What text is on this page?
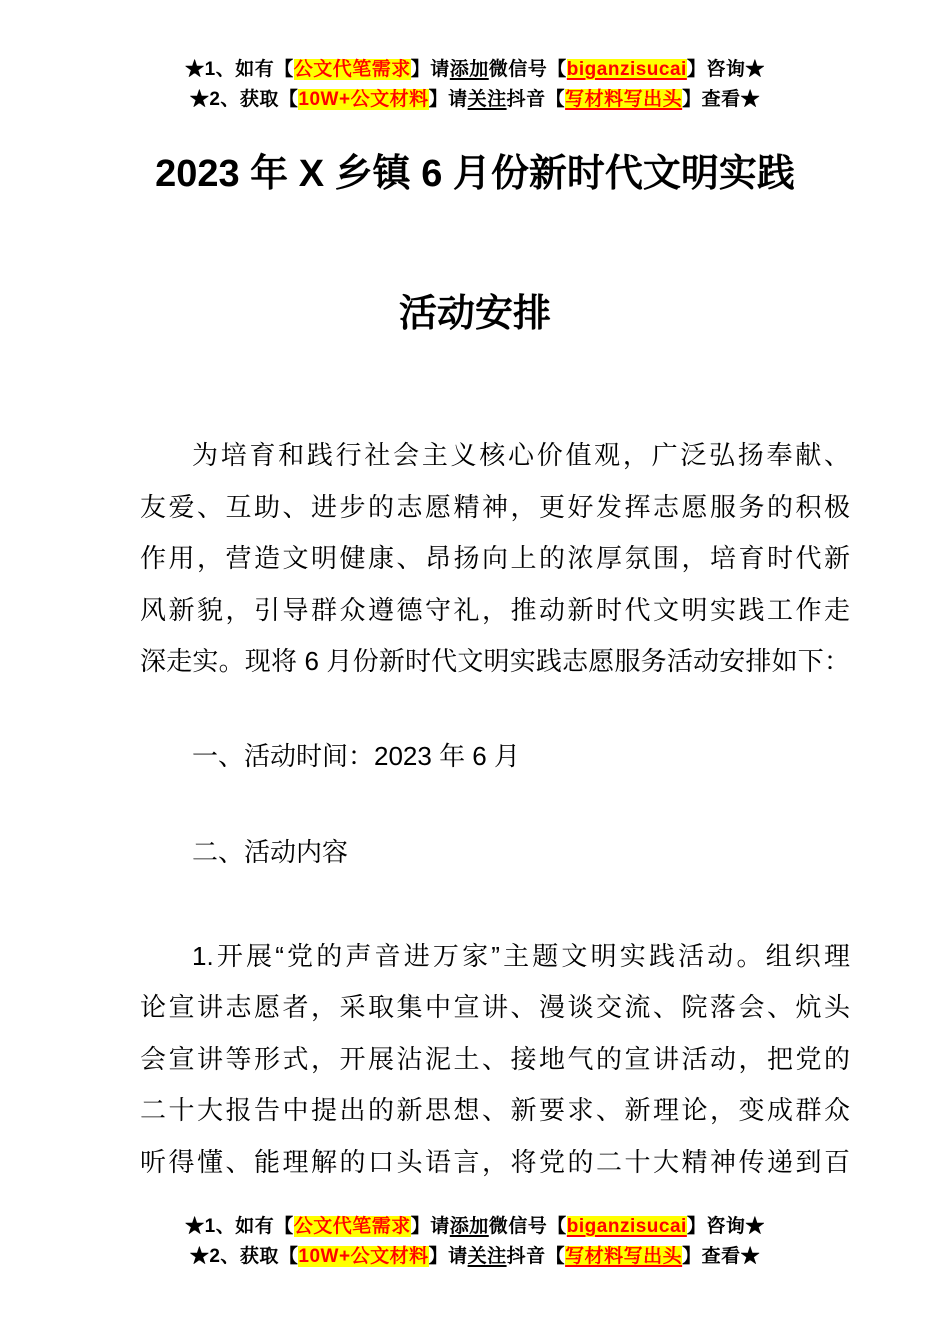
★1、如有【公文代笔需求】请添加微信号【biganzisucai】咨询★
★2、获取【10W+公文材料】请关注抖音【写材料写出头】查看★
2023 年 X 乡镇 6 月份新时代文明实践
活动安排
为培育和践行社会主义核心价值观，广泛弘扬奉献、
友爱、互助、进步的志愿精神，更好发挥志愿服务的积极
作用，营造文明健康、昂扬向上的浓厚氛围，培育时代新
风新貌，引导群众遵德守礼，推动新时代文明实践工作走
深走实。现将 6 月份新时代文明实践志愿服务活动安排如下：
一、活动时间：2023 年 6 月
二、活动内容
1.开展“党的声音进万家”主题文明实践活动。组织理
论宣讲志愿者，采取集中宣讲、漫谈交流、院落会、炕头
会宣讲等形式，开展沾泥土、接地气的宣讲活动，把党的
二十大报告中提出的新思想、新要求、新理论，变成群众
听得懂、能理解的口头语言，将党的二十大精神传递到百
★1、如有【公文代笔需求】请添加微信号【biganzisucai】咨询★
★2、获取【10W+公文材料】请关注抖音【写材料写出头】查看★
